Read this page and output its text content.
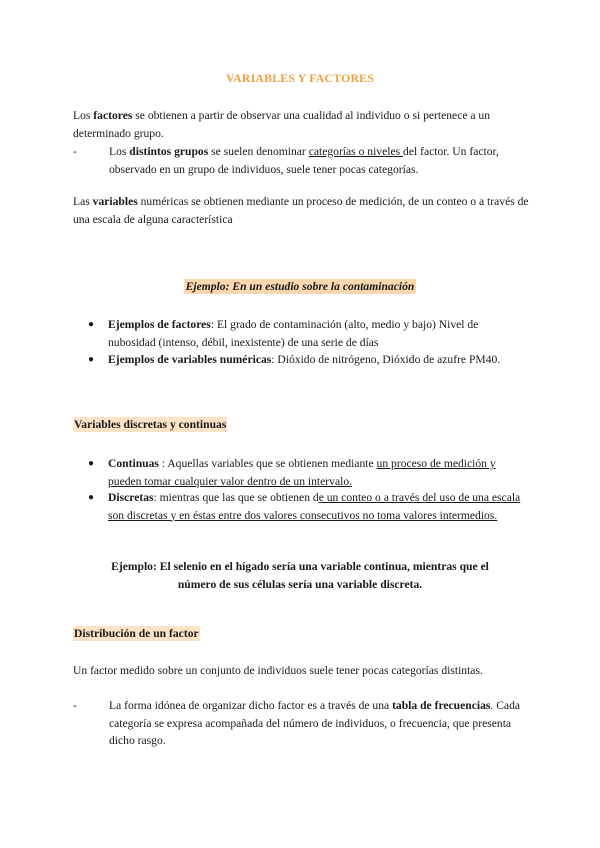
VARIABLES Y FACTORES
Los factores se obtienen a partir de observar una cualidad al individuo o si pertenece a un determinado grupo.
-	Los distintos grupos se suelen denominar categorías o niveles del factor. Un factor, observado en un grupo de individuos, suele tener pocas categorías.
Las variables numéricas se obtienen mediante un proceso de medición, de un conteo o a través de una escala de alguna característica
Ejemplo: En un estudio sobre la contaminación
●	Ejemplos de factores: El grado de contaminación (alto, medio y bajo) Nivel de nubosidad (intenso, débil, inexistente) de una serie de días
●	Ejemplos de variables numéricas: Dióxido de nitrógeno, Dióxido de azufre PM40.
Variables discretas y continuas
●	Continuas : Aquellas variables que se obtienen mediante un proceso de medición y pueden tomar cualquier valor dentro de un intervalo.
●	Discretas: mientras que las que se obtienen de un conteo o a través del uso de una escala son discretas y en éstas entre dos valores consecutivos no toma valores intermedios.
Ejemplo: El selenio en el hígado sería una variable continua, mientras que el
número de sus células sería una variable discreta.
Distribución de un factor
Un factor medido sobre un conjunto de individuos suele tener pocas categorías distintas.
-	La forma idónea de organizar dicho factor es a través de una tabla de frecuencias. Cada categoría se expresa acompañada del número de individuos, o frecuencia, que presenta dicho rasgo.
